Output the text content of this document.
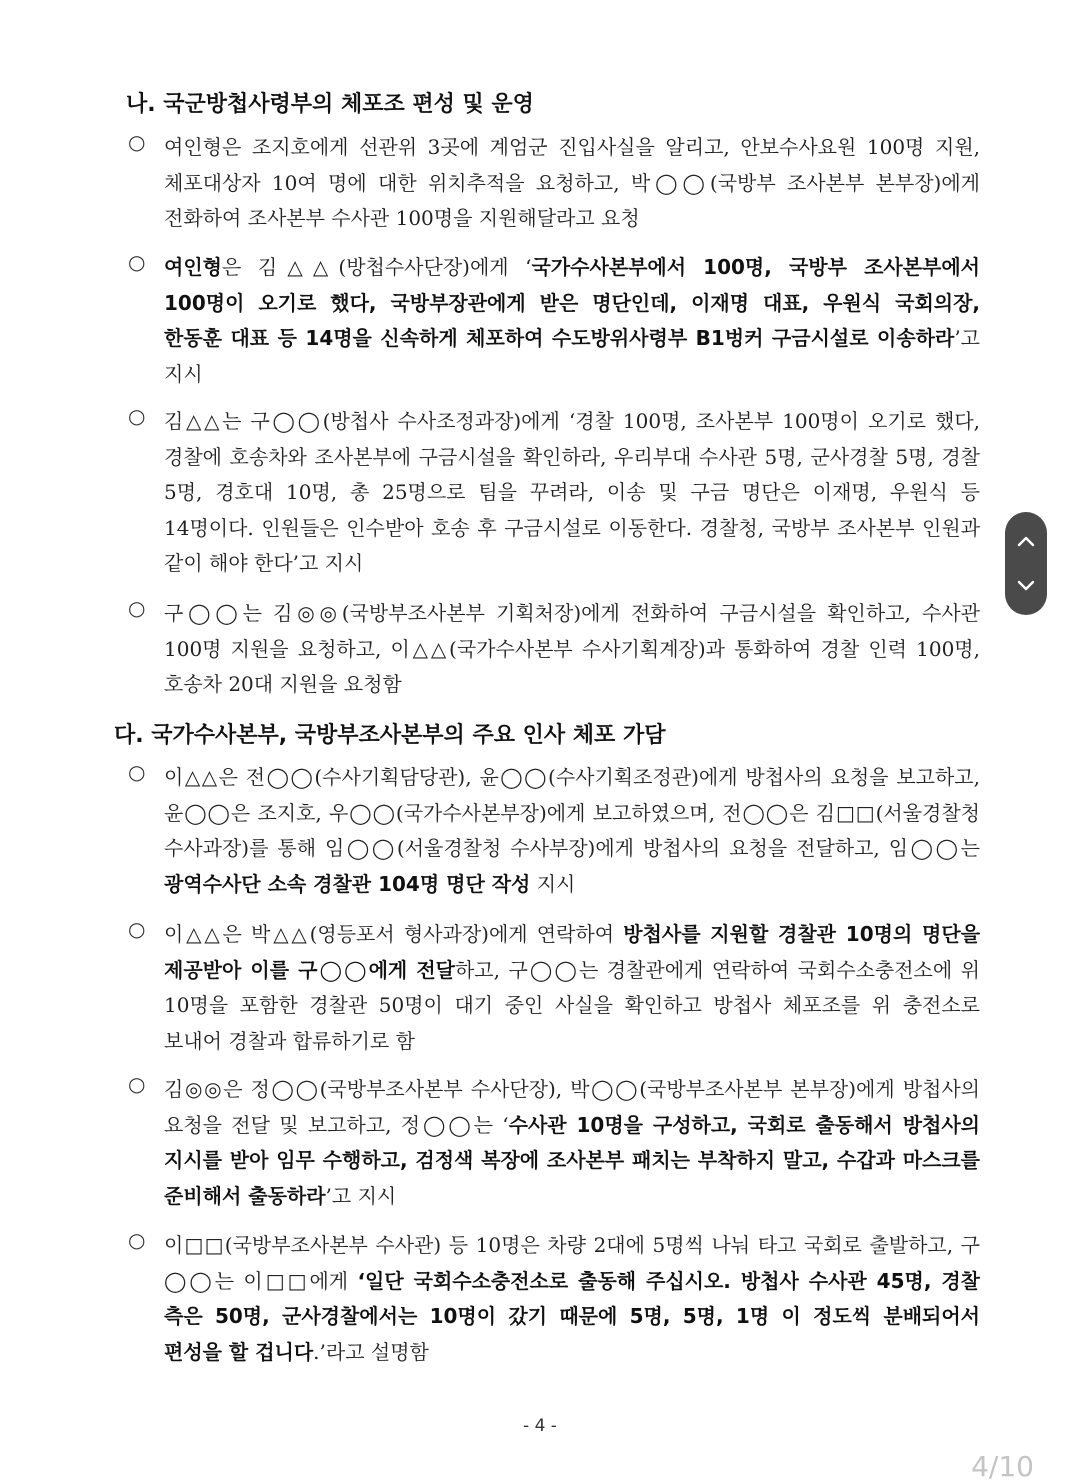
나. 국군방첩사령부의 체포조 편성 및 운영
○ 여인형은 조지호에게 선관위 3곳에 계엄군 진입사실을 알리고, 안보수사요원 100명 지원, 체포대상자 10여 명에 대한 위치추적을 요청하고, 박◯◯(국방부 조사본부 본부장)에게 전화하여 조사본부 수사관 100명을 지원해달라고 요청
○ 여인형은 김△△(방첩수사단장)에게 ‘국가수사본부에서 100명, 국방부 조사본부에서 100명이 오기로 했다, 국방부장관에게 받은 명단인데, 이재명 대표, 우원식 국회의장, 한동훈 대표 등 14명을 신속하게 체포하여 수도방위사령부 B1벙커 구금시설로 이송하라’고 지시
○ 김△△는 구◯◯(방첩사 수사조정과장)에게 ‘경찰 100명, 조사본부 100명이 오기로 했다, 경찰에 호송차와 조사본부에 구금시설을 확인하라, 우리부대 수사관 5명, 군사경찰 5명, 경찰 5명, 경호대 10명, 총 25명으로 팀을 꾸려라, 이송 및 구금 명단은 이재명, 우원식 등 14명이다. 인원들은 인수받아 호송 후 구금시설로 이동한다. 경찰청, 국방부 조사본부 인원과 같이 해야 한다’고 지시
○ 구◯◯는 김◎◎(국방부조사본부 기획처장)에게 전화하여 구금시설을 확인하고, 수사관 100명 지원을 요청하고, 이△△(국가수사본부 수사기획계장)과 통화하여 경찰 인력 100명, 호송차 20대 지원을 요청함
다. 국가수사본부, 국방부조사본부의 주요 인사 체포 가담
○ 이△△은 전◯◯(수사기획담당관), 윤◯◯(수사기획조정관)에게 방첩사의 요청을 보고하고, 윤◯◯은 조지호, 우◯◯(국가수사본부장)에게 보고하였으며, 전◯◯은 김□□(서울경찰청 수사과장)를 통해 임◯◯(서울경찰청 수사부장)에게 방첩사의 요청을 전달하고, 임◯◯는 광역수사단 소속 경찰관 104명 명단 작성 지시
○ 이△△은 박△△(영등포서 형사과장)에게 연락하여 방첩사를 지원할 경찰관 10명의 명단을 제공받아 이를 구◯◯에게 전달하고, 구◯◯는 경찰관에게 연락하여 국회수소충전소에 위 10명을 포함한 경찰관 50명이 대기 중인 사실을 확인하고 방첩사 체포조를 위 충전소로 보내어 경찰과 합류하기로 함
○ 김◎◎은 정◯◯(국방부조사본부 수사단장), 박◯◯(국방부조사본부 본부장)에게 방첩사의 요청을 전달 및 보고하고, 정◯◯는 ‘수사관 10명을 구성하고, 국회로 출동해서 방첩사의 지시를 받아 임무 수행하고, 검정색 복장에 조사본부 패치는 부착하지 말고, 수갑과 마스크를 준비해서 출동하라’고 지시
○ 이□□(국방부조사본부 수사관) 등 10명은 차량 2대에 5명씩 나눠 타고 국회로 출발하고, 구◯◯는 이□□에게 ‘일단 국회수소충전소로 출동해 주십시오. 방첩사 수사관 45명, 경찰 측은 50명, 군사경찰에서는 10명이 갔기 때문에 5명, 5명, 1명 이 정도씩 분배되어서 편성을 할 겁니다.’라고 설명함
- 4 -
4/10
